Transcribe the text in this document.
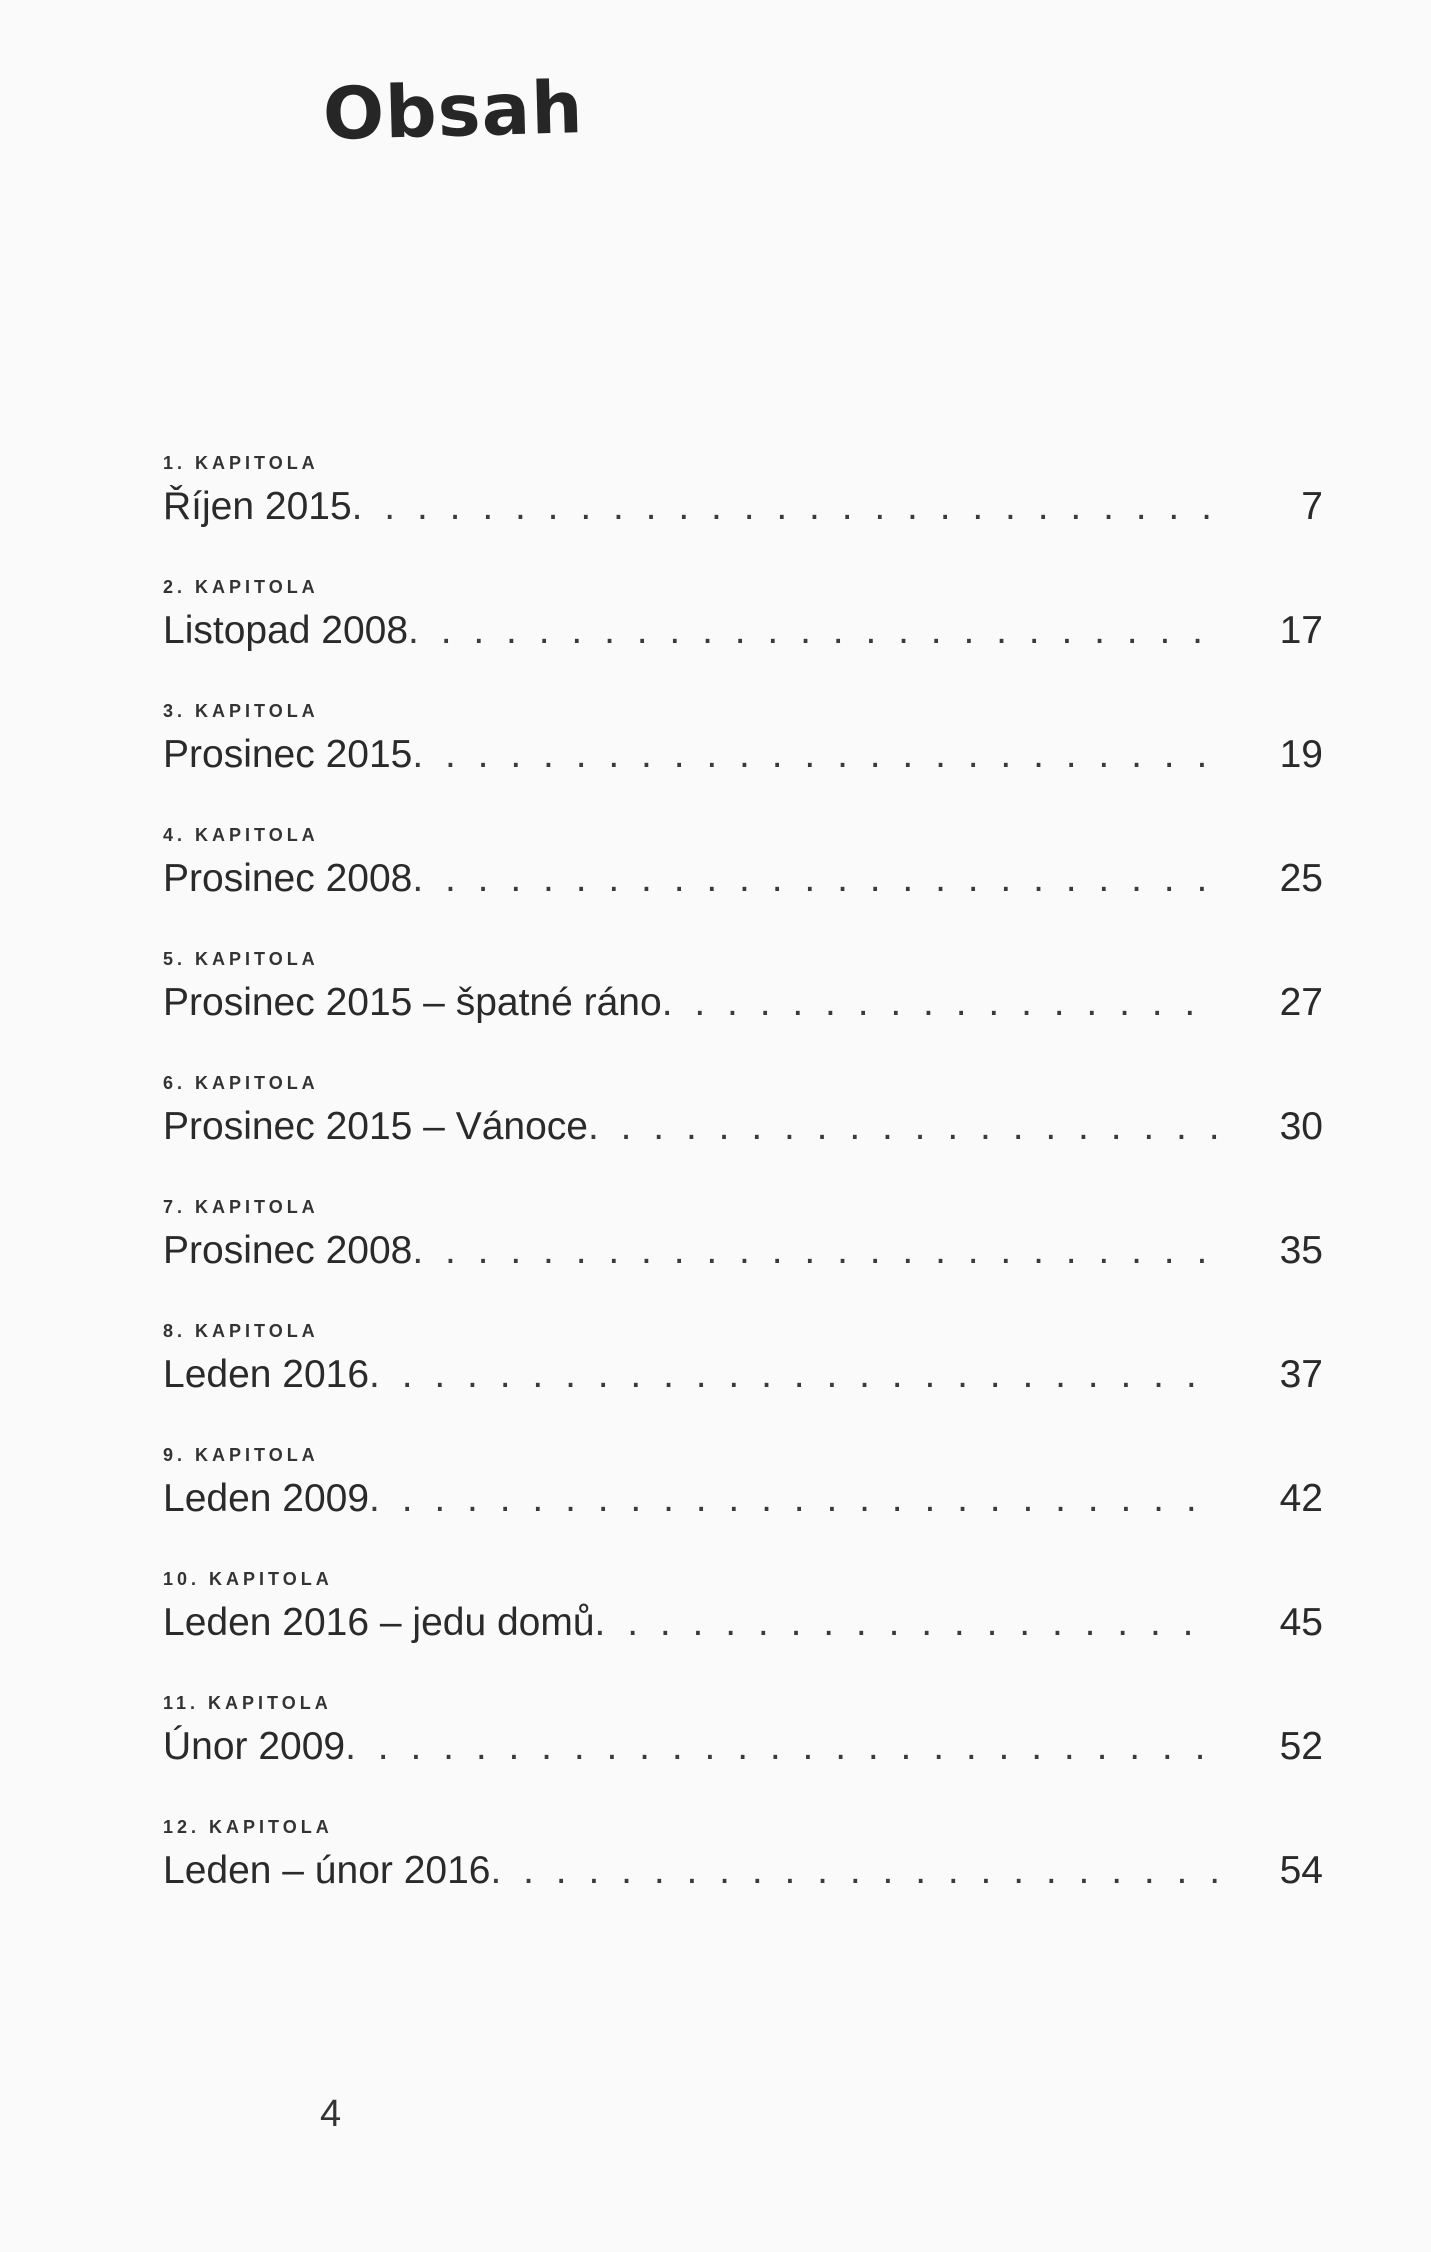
Obsah
1. KAPITOLA
Říjen 2015 . . .	7
2. KAPITOLA
Listopad 2008 . . .	17
3. KAPITOLA
Prosinec 2015 . . .	19
4. KAPITOLA
Prosinec 2008 . . .	25
5. KAPITOLA
Prosinec 2015 – špatné ráno . . .	27
6. KAPITOLA
Prosinec 2015 – Vánoce . . .	30
7. KAPITOLA
Prosinec 2008 . . .	35
8. KAPITOLA
Leden 2016 . . .	37
9. KAPITOLA
Leden 2009 . . .	42
10. KAPITOLA
Leden 2016 – jedu domů . . .	45
11. KAPITOLA
Únor 2009 . . .	52
12. KAPITOLA
Leden – únor 2016 . . .	54
4
